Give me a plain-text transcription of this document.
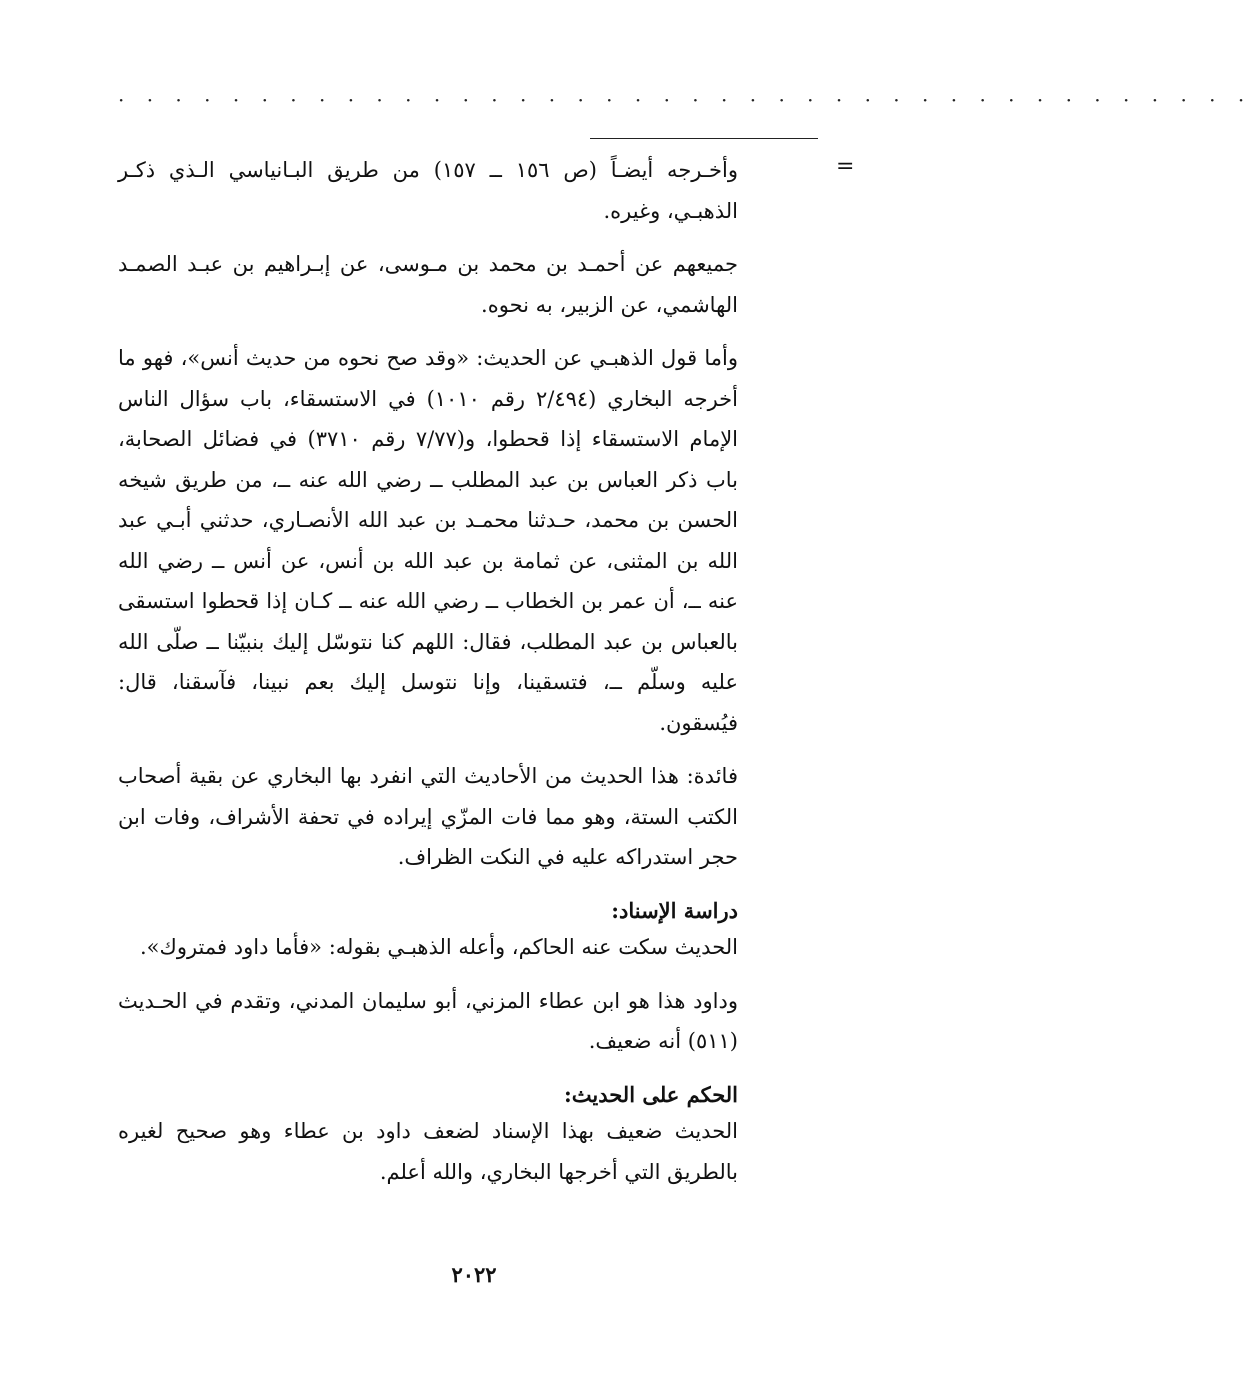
· · · · · · · · · · · · · · · · · · · · · · · · · · · · · · · · · · · · · · · ·
=

وأخـرجه أيضـاً (ص ١٥٦ ــ ١٥٧) من طريق البـانياسي الـذي ذكـر الذهبـي، وغيره.

جميعهم عن أحمـد بن محمد بن مـوسى، عن إبـراهيم بن عبـد الصمـد الهاشمي، عن الزبير، به نحوه.

وأما قول الذهبـي عن الحديث: «وقد صح نحوه من حديث أنس»، فهو ما أخرجه البخاري (٢/٤٩٤ رقم ١٠١٠) في الاستسقاء، باب سؤال الناس الإمام الاستسقاء إذا قحطوا، و(٧/٧٧ رقم ٣٧١٠) في فضائل الصحابة، باب ذكر العباس بن عبد المطلب ــ رضي الله عنه ــ، من طريق شيخه الحسن بن محمد، حـدثنا محمـد بن عبد الله الأنصـاري، حدثني أبـي عبد الله بن المثنى، عن ثمامة بن عبد الله بن أنس، عن أنس ــ رضي الله عنه ــ، أن عمر بن الخطاب ــ رضي الله عنه ــ كـان إذا قحطوا استسقى بالعباس بن عبد المطلب، فقال: اللهم كنا نتوسّل إليك بنبيّنا ــ صلّى الله عليه وسلّم ــ، فتسقينا، وإنا نتوسل إليك بعم نبينا، فآسقنا، قال: فيُسقون.

فائدة: هذا الحديث من الأحاديث التي انفرد بها البخاري عن بقية أصحاب الكتب الستة، وهو مما فات المزّي إيراده في تحفة الأشراف، وفات ابن حجر استدراكه عليه في النكت الظراف.

دراسة الإسناد:

الحديث سكت عنه الحاكم، وأعله الذهبـي بقوله: «فأما داود فمتروك».

وداود هذا هو ابن عطاء المزني، أبو سليمان المدني، وتقدم في الحـديث (٥١١) أنه ضعيف.

الحكم على الحديث:

الحديث ضعيف بهذا الإسناد لضعف داود بن عطاء وهو صحيح لغيره بالطريق التي أخرجها البخاري، والله أعلم.

٢٠٢٢
